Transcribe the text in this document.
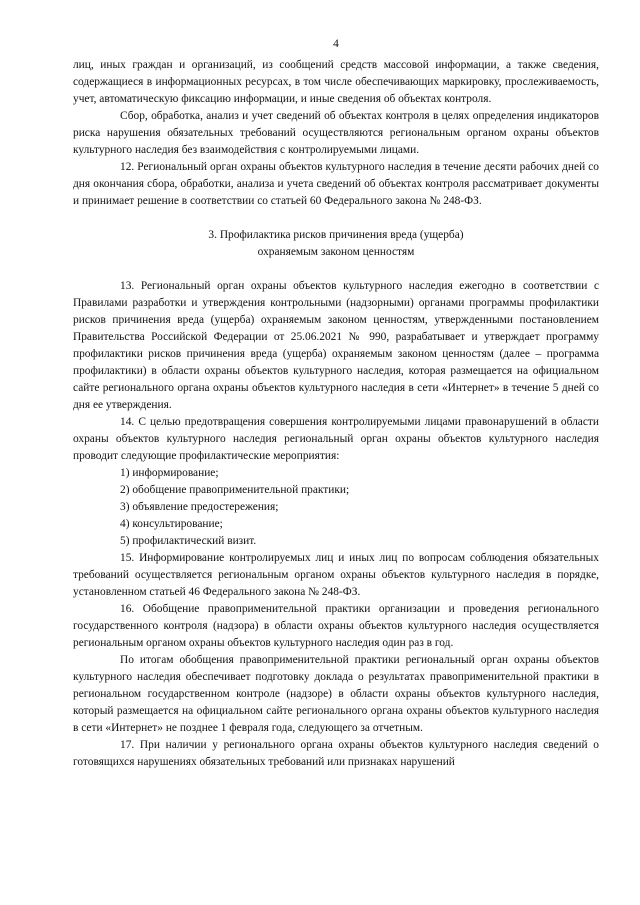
4

лиц, иных граждан и организаций, из сообщений средств массовой информации, а также сведения, содержащиеся в информационных ресурсах, в том числе обеспечивающих маркировку, прослеживаемость, учет, автоматическую фиксацию информации, и иные сведения об объектах контроля.

Сбор, обработка, анализ и учет сведений об объектах контроля в целях определения индикаторов риска нарушения обязательных требований осуществляются региональным органом охраны объектов культурного наследия без взаимодействия с контролируемыми лицами.

12. Региональный орган охраны объектов культурного наследия в течение десяти рабочих дней со дня окончания сбора, обработки, анализа и учета сведений об объектах контроля рассматривает документы и принимает решение в соответствии со статьей 60 Федерального закона № 248-ФЗ.

3. Профилактика рисков причинения вреда (ущерба)
охраняемым законом ценностям

13. Региональный орган охраны объектов культурного наследия ежегодно в соответствии с Правилами разработки и утверждения контрольными (надзорными) органами программы профилактики рисков причинения вреда (ущерба) охраняемым законом ценностям, утвержденными постановлением Правительства Российской Федерации от 25.06.2021 № 990, разрабатывает и утверждает программу профилактики рисков причинения вреда (ущерба) охраняемым законом ценностям (далее – программа профилактики) в области охраны объектов культурного наследия, которая размещается на официальном сайте регионального органа охраны объектов культурного наследия в сети «Интернет» в течение 5 дней со дня ее утверждения.

14. С целью предотвращения совершения контролируемыми лицами правонарушений в области охраны объектов культурного наследия региональный орган охраны объектов культурного наследия проводит следующие профилактические мероприятия:

1) информирование;

2) обобщение правоприменительной практики;

3) объявление предостережения;

4) консультирование;

5) профилактический визит.

15. Информирование контролируемых лиц и иных лиц по вопросам соблюдения обязательных требований осуществляется региональным органом охраны объектов культурного наследия в порядке, установленном статьей 46 Федерального закона № 248-ФЗ.

16. Обобщение правоприменительной практики организации и проведения регионального государственного контроля (надзора) в области охраны объектов культурного наследия осуществляется региональным органом охраны объектов культурного наследия один раз в год.

По итогам обобщения правоприменительной практики региональный орган охраны объектов культурного наследия обеспечивает подготовку доклада о результатах правоприменительной практики в региональном государственном контроле (надзоре) в области охраны объектов культурного наследия, который размещается на официальном сайте регионального органа охраны объектов культурного наследия в сети «Интернет» не позднее 1 февраля года, следующего за отчетным.

17. При наличии у регионального органа охраны объектов культурного наследия сведений о готовящихся нарушениях обязательных требований или признаках нарушений
